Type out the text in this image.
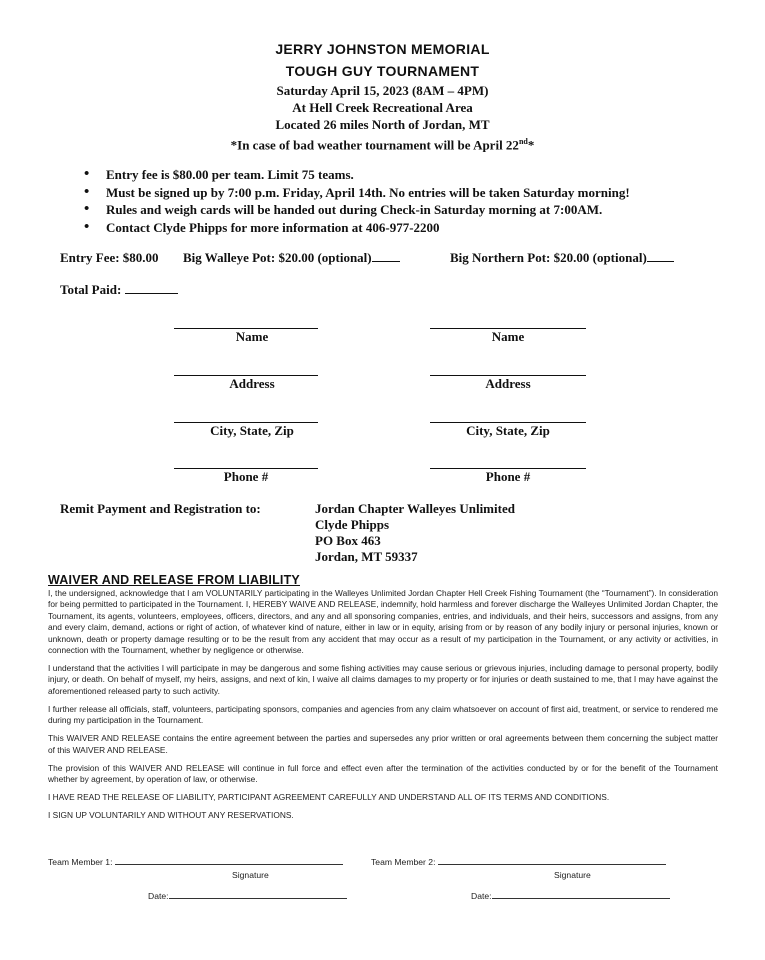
JERRY JOHNSTON MEMORIAL
TOUGH GUY TOURNAMENT
Saturday April 15, 2023 (8AM – 4PM)
At Hell Creek Recreational Area
Located 26 miles North of Jordan, MT
*In case of bad weather tournament will be April 22nd*
• Entry fee is $80.00 per team. Limit 75 teams.
• Must be signed up by 7:00 p.m. Friday, April 14th. No entries will be taken Saturday morning!
• Rules and weigh cards will be handed out during Check-in Saturday morning at 7:00AM.
• Contact Clyde Phipps for more information at 406-977-2200
Entry Fee: $80.00 Big Walleye Pot: $20.00 (optional)	Big Northern Pot: $20.00 (optional)
Total Paid:
Name
Address
City, State, Zip
Phone #
Name
Address
City, State, Zip
Phone #
Remit Payment and Registration to:	Jordan Chapter Walleyes Unlimited
Clyde Phipps
PO Box 463
Jordan, MT 59337
WAIVER AND RELEASE FROM LIABILITY

I, the undersigned, acknowledge that I am VOLUNTARILY participating in the Walleyes Unlimited Jordan Chapter Hell Creek Fishing Tournament (the “Tournament”). In consideration for being permitted to participated in the Tournament. I, HEREBY WAIVE AND RELEASE, indemnify, hold harmless and forever discharge the Walleyes Unlimited Jordan Chapter, the Tournament, its agents, volunteers, employees, officers, directors, and any and all sponsoring companies, entries, and individuals, and their heirs, successors and assigns, from any and every claim, demand, actions or right of action, of whatever kind of nature, either in law or in equity, arising from or by reason of any bodily injury or personal injuries, known or unknown, death or property damage resulting or to be the result from any accident that may occur as a result of my participation in the Tournament, or any activity or activities, in connection with the Tournament, whether by negligence or otherwise.

I understand that the activities I will participate in may be dangerous and some fishing activities may cause serious or grievous injuries, including damage to personal property, bodily injury, or death. On behalf of myself, my heirs, assigns, and next of kin, I waive all claims damages to my property or for injuries or death sustained to me, that I may have against the aforementioned released party to such activity.

I further release all officials, staff, volunteers, participating sponsors, companies and agencies from any claim whatsoever on account of first aid, treatment, or service to rendered me during my participation in the Tournament.

This WAIVER AND RELEASE contains the entire agreement between the parties and supersedes any prior written or oral agreements between them concerning the subject matter of this WAIVER AND RELEASE.

The provision of this WAIVER AND RELEASE will continue in full force and effect even after the termination of the activities conducted by or for the benefit of the Tournament whether by agreement, by operation of law, or otherwise.

I HAVE READ THE RELEASE OF LIABILITY, PARTICIPANT AGREEMENT CAREFULLY AND UNDERSTAND ALL OF ITS TERMS AND CONDITIONS.

I SIGN UP VOLUNTARILY AND WITHOUT ANY RESERVATIONS.

Team Member 1:
Signature
Date:
Team Member 2:
Signature
Date:
